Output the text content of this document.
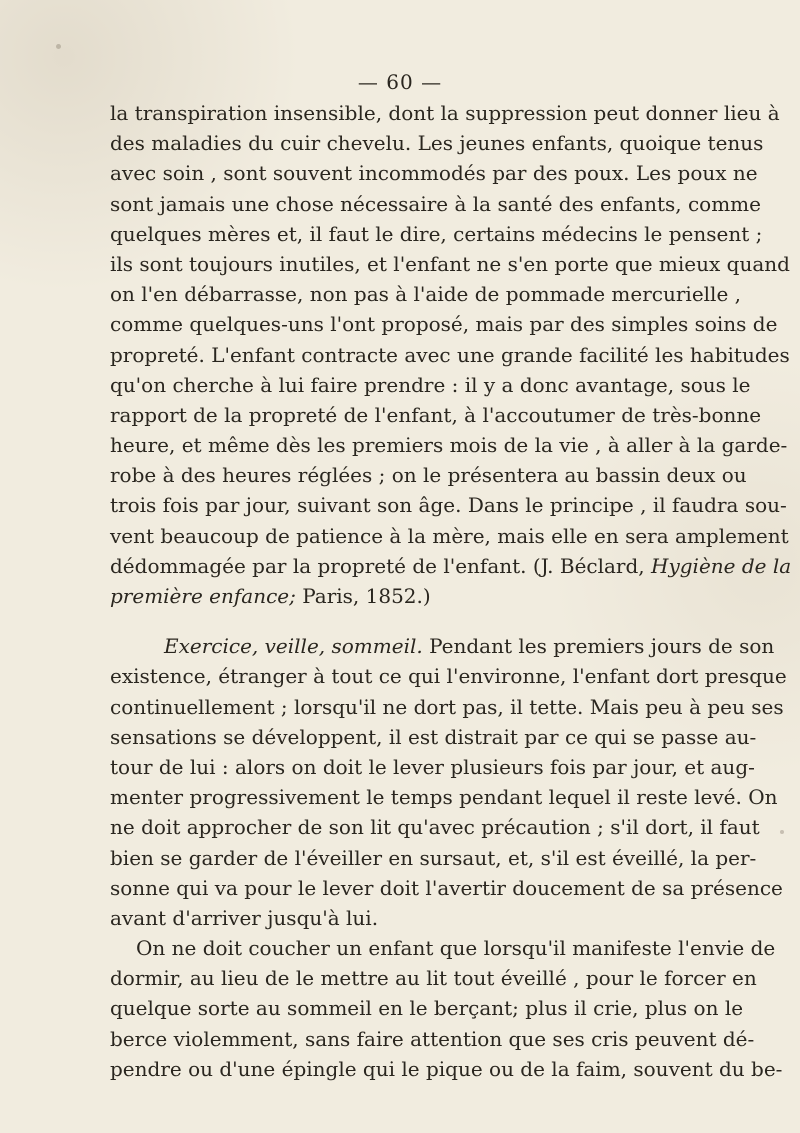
— 60 —
la transpiration insensible, dont la suppression peut donner lieu à
des maladies du cuir chevelu. Les jeunes enfants, quoique tenus
avec soin , sont souvent incommodés par des poux. Les poux ne
sont jamais une chose nécessaire à la santé des enfants, comme
quelques mères et, il faut le dire, certains médecins le pensent ;
ils sont toujours inutiles, et l'enfant ne s'en porte que mieux quand
on l'en débarrasse, non pas à l'aide de pommade mercurielle ,
comme quelques-uns l'ont proposé, mais par des simples soins de
propreté. L'enfant contracte avec une grande facilité les habitudes
qu'on cherche à lui faire prendre : il y a donc avantage, sous le
rapport de la propreté de l'enfant, à l'accoutumer de très-bonne
heure, et même dès les premiers mois de la vie , à aller à la garde-
robe à des heures réglées ; on le présentera au bassin deux ou
trois fois par jour, suivant son âge. Dans le principe , il faudra sou-
vent beaucoup de patience à la mère, mais elle en sera amplement
dédommagée par la propreté de l'enfant. (J. Béclard, Hygiène de la
première enfance; Paris, 1852.)
Exercice, veille, sommeil. Pendant les premiers jours de son
existence, étranger à tout ce qui l'environne, l'enfant dort presque
continuellement ; lorsqu'il ne dort pas, il tette. Mais peu à peu ses
sensations se développent, il est distrait par ce qui se passe au-
tour de lui : alors on doit le lever plusieurs fois par jour, et aug-
menter progressivement le temps pendant lequel il reste levé. On
ne doit approcher de son lit qu'avec précaution ; s'il dort, il faut
bien se garder de l'éveiller en sursaut, et, s'il est éveillé, la per-
sonne qui va pour le lever doit l'avertir doucement de sa présence
avant d'arriver jusqu'à lui.
On ne doit coucher un enfant que lorsqu'il manifeste l'envie de
dormir, au lieu de le mettre au lit tout éveillé , pour le forcer en
quelque sorte au sommeil en le berçant; plus il crie, plus on le
berce violemment, sans faire attention que ses cris peuvent dé-
pendre ou d'une épingle qui le pique ou de la faim, souvent du be-
